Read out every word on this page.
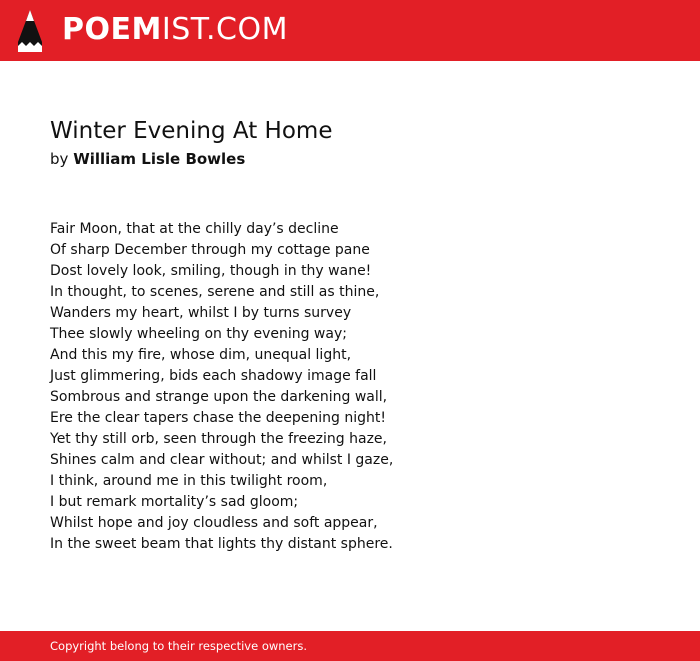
POEMIST.COM
Winter Evening At Home
by William Lisle Bowles
Fair Moon, that at the chilly day’s decline
Of sharp December through my cottage pane
Dost lovely look, smiling, though in thy wane!
In thought, to scenes, serene and still as thine,
Wanders my heart, whilst I by turns survey
Thee slowly wheeling on thy evening way;
And this my fire, whose dim, unequal light,
Just glimmering, bids each shadowy image fall
Sombrous and strange upon the darkening wall,
Ere the clear tapers chase the deepening night!
Yet thy still orb, seen through the freezing haze,
Shines calm and clear without; and whilst I gaze,
I think, around me in this twilight room,
I but remark mortality’s sad gloom;
Whilst hope and joy cloudless and soft appear,
In the sweet beam that lights thy distant sphere.
Copyright belong to their respective owners.
